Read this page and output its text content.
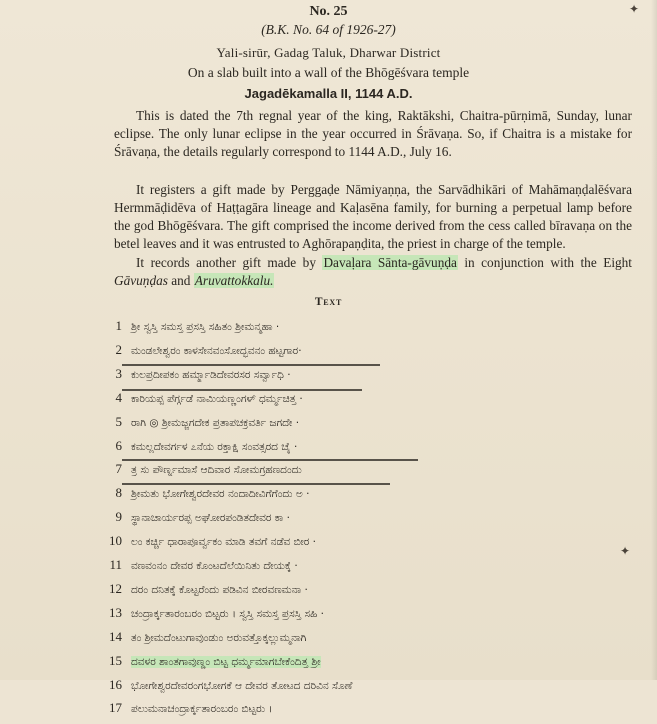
No. 25
(B.K. No. 64 of 1926-27)
Yali-sirūr, Gadag Taluk, Dharwar District
On a slab built into a wall of the Bhōgēśvara temple
Jagadēkamalla II, 1144 A.D.
This is dated the 7th regnal year of the king, Raktākshi, Chaitra-pūrṇimā, Sunday, lunar eclipse. The only lunar eclipse in the year occurred in Śrāvaṇa. So, if Chaitra is a mistake for Śrāvaṇa, the details regularly correspond to 1144 A.D., July 16.
It registers a gift made by Perggaḍe Nāmiyaṇṇa, the Sarvādhikāri of Mahāmaṇḍalēśvara Hermmāḍidēva of Haṭṭagāra lineage and Kaḷasēna family, for burning a perpetual lamp before the god Bhōgēśvara. The gift comprised the income derived from the cess called bīravaṇa on the betel leaves and it was entrusted to Aghōrapaṇḍita, the priest in charge of the temple.
It records another gift made by Davaḷara Sānta-gāvuṇḍa in conjunction with the Eight Gāvuṇḍas and Aruvattokkalu.
Text
1 ಶ್ರೀ ಸ್ವಸ್ತಿ ಸಮಸ್ತ ಪ್ರಸಸ್ತಿ ಸಹಿತಂ ಶ್ರೀಮನ್ಮಹಾ ·
2 ಮಂಡಲೇಶ್ವರಂ ಕಾಳಸೇನವಂಸೋದ್ಭವನಂ ಹಟ್ಟಗಾರ·
3 ಕುಲಪ್ರದೀಪಕಂ ಹರ್ಮ್ಮಾಡಿದೇವರಸರ ಸರ್ವ್ವಾಧಿ ·
4 ಕಾರಿಯಪ್ಪ ಪೆರ್ಗ್ಗಡೆ ನಾಮಿಯಣ್ಣಂಗಳ್ ಧರ್ಮ್ಮಚಿತ್ತ ·
5 ರಾಗಿ ◎ ಶ್ರೀಮಜ್ಜಗದೇಕ ಪ್ರತಾಪಚಕ್ರವರ್ತಿ ಜಗದೇ ·
6 ಕಮಲ್ಲದೇವರ್ಗಳ ೭ನೆಯ ರಕ್ತಾಕ್ಷಿ ಸಂವತ್ಸರದ ಚೈ ·
7 ತ್ರ ಸು ಪೌರ್ಣ್ನಮಾಸೆ ಆದಿವಾರ ಸೋಮಗ್ರಹಣದಂದು
8 ಶ್ರೀಮತು ಭೋಗೇಶ್ವರದೇವರ ನಂದಾದೀವಿಗೆಗೆಂದು ಅ ·
9 ಸ್ಥಾನಾಚಾರ್ಯರಪ್ಪ ಅಘೋರಪಂಡಿತದೇವರ ಕಾ ·
10 ಲಂ ಕರ್ಚ್ಚಿ ಧಾರಾಪೂರ್ವ್ವಕಂ ಮಾಡಿ ತವಗೆ ನಡೆವ ಬೀರ ·
11 ವಣವಂನಂ ದೇವರ ಕೊಂಟದೆಲೆಯಿನಿತು ದೇಯಕ್ಕೆ ·
12 ದರಂ ದನಿತಕ್ಕೆ ಕೊಟ್ಟರೆಂದು ಪಡಿವಿನ ಬೀರವಣಮನಾ ·
13 ಚಂದ್ರಾರ್ಕ್ಕತಾರಂಬರಂ ಬಿಟ್ಟರು । ಸ್ವಸ್ತಿ ಸಮಸ್ತ ಪ್ರಸಸ್ತಿ ಸಹಿ ·
14 ತಂ ಶ್ರೀಮದೆಂಟುಗಾವುಂಡುಂ ಅರುವತ್ತೊಕ್ಕಲ್ಲುಮ್ಮನಾಗಿ
15 ದವಳರ ಶಾಂತಗಾವುಣ್ಡಂ ಬಿಟ್ಟ ಧರ್ಮ್ಮಮಾಗಬೇಕೆಂದಿತ್ತ ಶ್ರೀ
16 ಭೋಗೇಶ್ವರದೇವರಂಗಭೋಗಕೆ ಆ ದೇವರ ತೋಟದ ದರಿವಿನ ಸೊಣೆ
17 ಪಲುಮನಾಚಂದ್ರಾರ್ಕ್ಕತಾರಂಬರಂ ಬಿಟ್ಟರು ।
✦
✦
